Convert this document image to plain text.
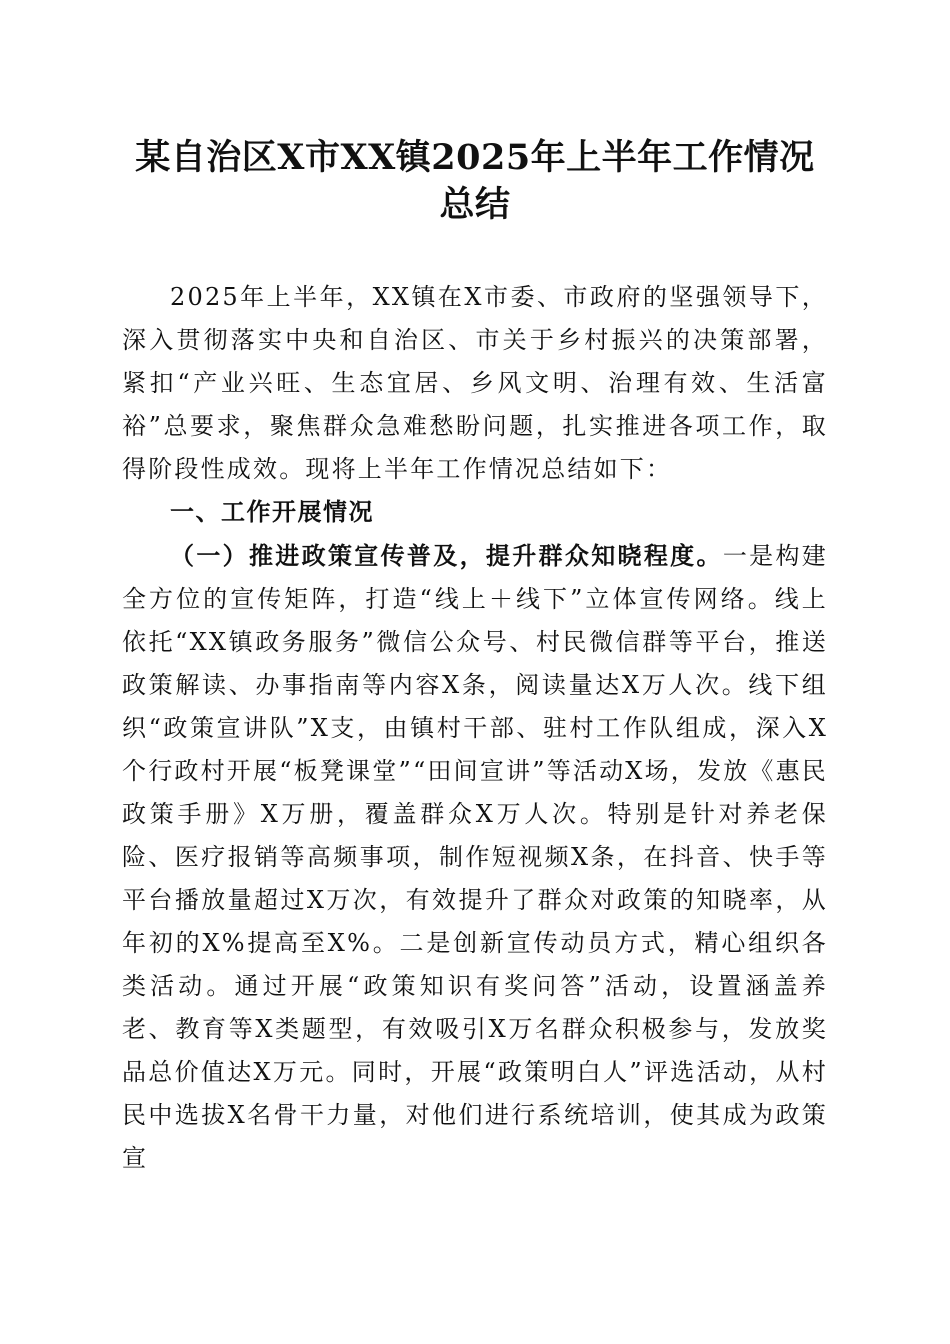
某自治区X市XX镇2025年上半年工作情况
总结

2025年上半年，XX镇在X市委、市政府的坚强领导下，深入贯彻落实中央和自治区、市关于乡村振兴的决策部署，紧扣“产业兴旺、生态宜居、乡风文明、治理有效、生活富裕”总要求，聚焦群众急难愁盼问题，扎实推进各项工作，取得阶段性成效。现将上半年工作情况总结如下：

一、工作开展情况

（一）推进政策宣传普及，提升群众知晓程度。一是构建全方位的宣传矩阵，打造“线上＋线下”立体宣传网络。线上依托“XX镇政务服务”微信公众号、村民微信群等平台，推送政策解读、办事指南等内容X条，阅读量达X万人次。线下组织“政策宣讲队”X支，由镇村干部、驻村工作队组成，深入X个行政村开展“板凳课堂”“田间宣讲”等活动X场，发放《惠民政策手册》X万册，覆盖群众X万人次。特别是针对养老保险、医疗报销等高频事项，制作短视频X条，在抖音、快手等平台播放量超过X万次，有效提升了群众对政策的知晓率，从年初的X%提高至X%。二是创新宣传动员方式，精心组织各类活动。通过开展“政策知识有奖问答”活动，设置涵盖养老、教育等X类题型，有效吸引X万名群众积极参与，发放奖品总价值达X万元。同时，开展“政策明白人”评选活动，从村民中选拔X名骨干力量，对他们进行系统培训，使其成为政策宣
